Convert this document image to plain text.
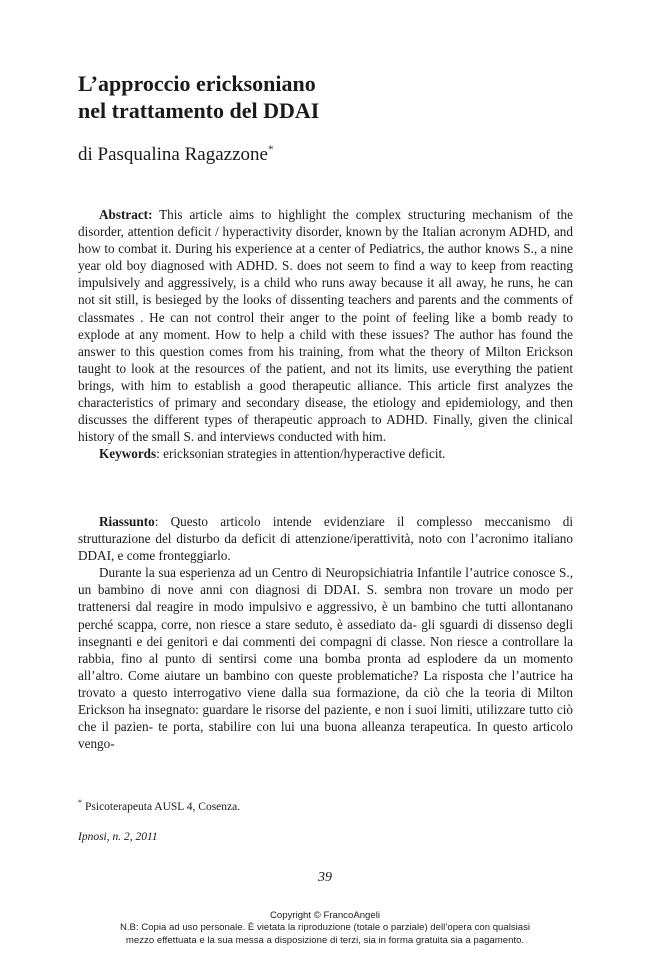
L’approccio ericksoniano
nel trattamento del DDAI
di Pasqualina Ragazzone*

Abstract: This article aims to highlight the complex structuring mechanism of the disorder, attention deficit / hyperactivity disorder, known by the Italian acronym ADHD, and how to combat it. During his experience at a center of Pediatrics, the author knows S., a nine year old boy diagnosed with ADHD. S. does not seem to find a way to keep from reacting impulsively and aggressively, is a child who runs away because it all away, he runs, he can not sit still, is besieged by the looks of dissenting teachers and parents and the comments of classmates . He can not control their anger to the point of feeling like a bomb ready to explode at any moment. How to help a child with these issues? The author has found the answer to this question comes from his training, from what the theory of Milton Erickson taught to look at the resources of the patient, and not its limits, use everything the patient brings, with him to establish a good therapeutic alliance. This article first analyzes the characteristics of primary and secondary disease, the etiology and epidemiology, and then discusses the different types of therapeutic approach to ADHD. Finally, given the clinical history of the small S. and interviews conducted with him.

Keywords: ericksonian strategies in attention/hyperactive deficit.

Riassunto: Questo articolo intende evidenziare il complesso meccanismo di strutturazione del disturbo da deficit di attenzione/iperattività, noto con l’acronimo italiano DDAI, e come fronteggiarlo.

Durante la sua esperienza ad un Centro di Neuropsichiatria Infantile l’autrice conosce S., un bambino di nove anni con diagnosi di DDAI. S. sembra non trovare un modo per trattenersi dal reagire in modo impulsivo e aggressivo, è un bambino che tutti allontanano perché scappa, corre, non riesce a stare seduto, è assediato da- gli sguardi di dissenso degli insegnanti e dei genitori e dai commenti dei compagni di classe. Non riesce a controllare la rabbia, fino al punto di sentirsi come una bomba pronta ad esplodere da un momento all’altro. Come aiutare un bambino con queste problematiche? La risposta che l’autrice ha trovato a questo interrogativo viene dalla sua formazione, da ciò che la teoria di Milton Erickson ha insegnato: guardare le risorse del paziente, e non i suoi limiti, utilizzare tutto ciò che il pazien- te porta, stabilire con lui una buona alleanza terapeutica. In questo articolo vengo-

* Psicoterapeuta AUSL 4, Cosenza.
Ipnosi, n. 2, 2011
39
Copyright © FrancoAngeli
N.B: Copia ad uso personale. È vietata la riproduzione (totale o parziale) dell’opera con qualsiasi
mezzo effettuata e la sua messa a disposizione di terzi, sia in forma gratuita sia a pagamento.
